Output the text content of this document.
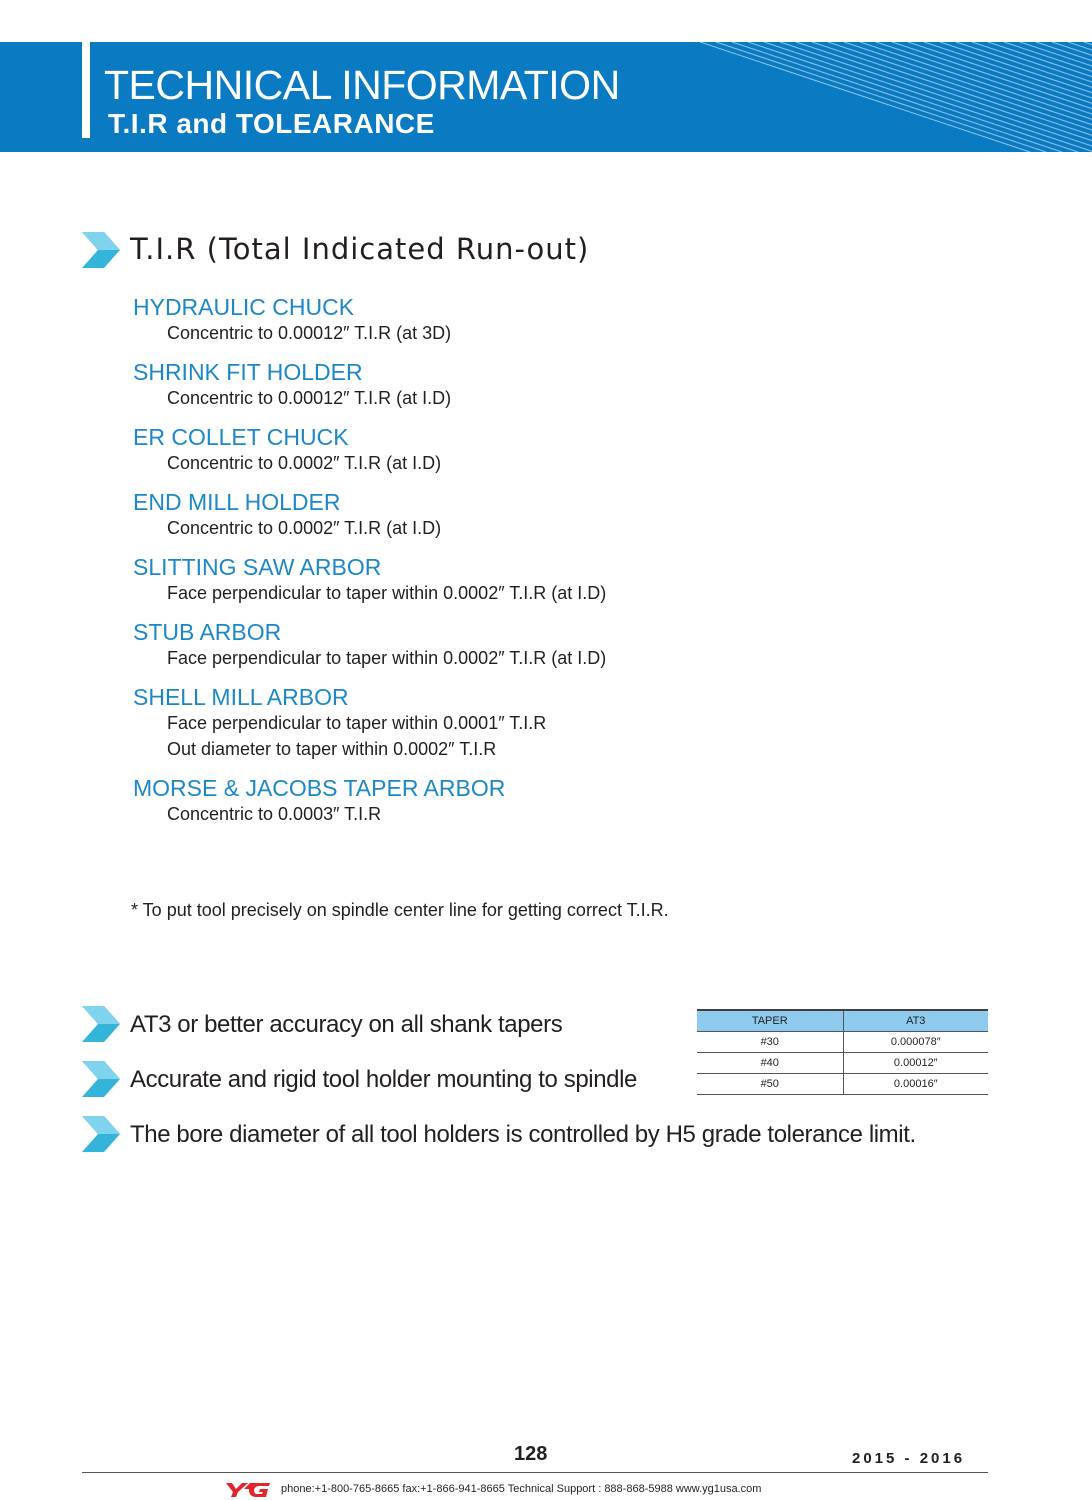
TECHNICAL INFORMATION
T.I.R and TOLEARANCE
T.I.R (Total Indicated Run-out)
HYDRAULIC CHUCK
Concentric to 0.00012″ T.I.R (at 3D)
SHRINK FIT HOLDER
Concentric to 0.00012″ T.I.R (at I.D)
ER COLLET CHUCK
Concentric to 0.0002″ T.I.R (at I.D)
END MILL HOLDER
Concentric to 0.0002″ T.I.R (at I.D)
SLITTING SAW ARBOR
Face perpendicular to taper within 0.0002″ T.I.R (at I.D)
STUB ARBOR
Face perpendicular to taper within 0.0002″ T.I.R (at I.D)
SHELL MILL ARBOR
Face perpendicular to taper within 0.0001″ T.I.R
Out diameter to taper within 0.0002″ T.I.R
MORSE & JACOBS TAPER ARBOR
Concentric to 0.0003″ T.I.R
* To put tool precisely on spindle center line for getting correct T.I.R.
AT3 or better accuracy on all shank tapers
Accurate and rigid tool holder mounting to spindle
The bore diameter of all tool holders is controlled by H5 grade tolerance limit.
TAPER	AT3
#30	0.000078″
#40	0.00012″
#50	0.00016″
128	2015 - 2016
phone:+1-800-765-8665 fax:+1-866-941-8665 Technical Support : 888-868-5988 www.yg1usa.com
